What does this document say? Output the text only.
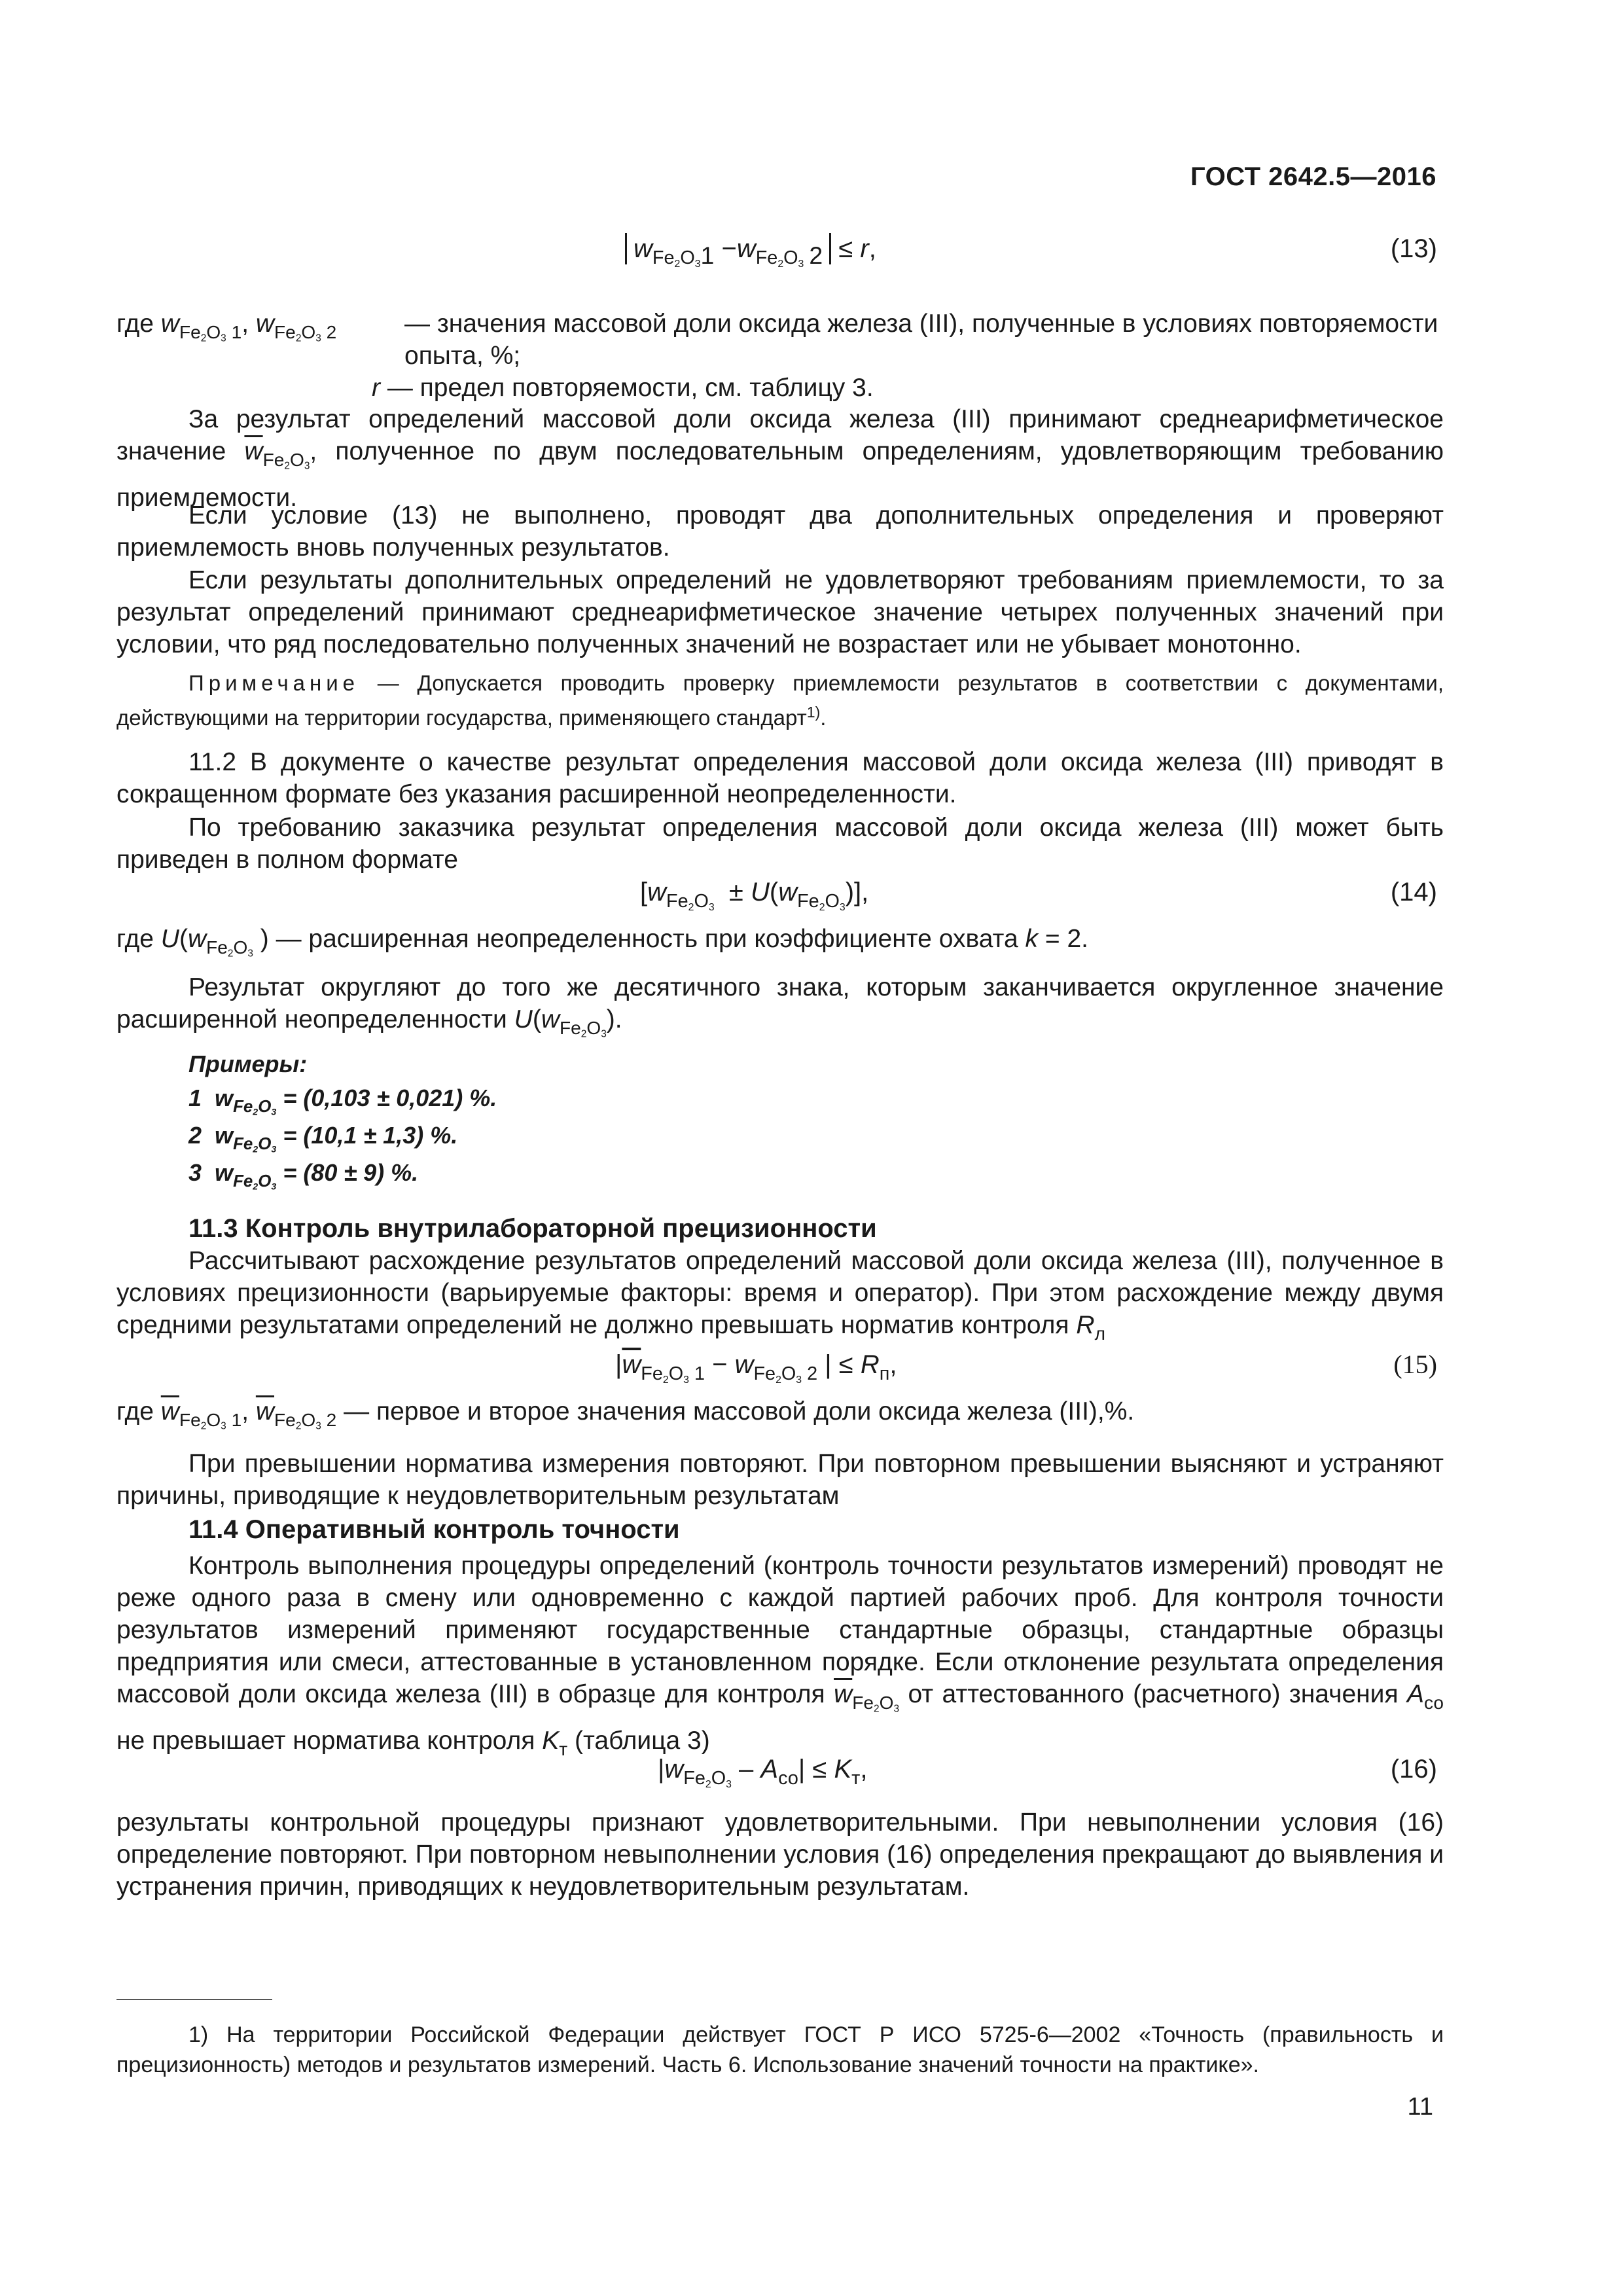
ГОСТ 2642.5—2016
$w_{Fe2O31} -w_{Fe2O3 2} \le r$,	(13)
где $w_{Fe2O3 1}$, $w_{Fe2O3 2}$	— значения массовой доли оксида железа (III), полученные в условиях повторяемости опыта, %;
r — предел повторяемости, см. таблицу 3.
За результат определений массовой доли оксида железа (III) принимают среднеарифметическое значение $\overline{w}_{Fe2O3}$, полученное по двум последовательным определениям, удовлетворяющим требованию приемлемости.
Если условие (13) не выполнено, проводят два дополнительных определения и проверяют приемлемость вновь полученных результатов.
Если результаты дополнительных определений не удовлетворяют требованиям приемлемости, то за результат определений принимают среднеарифметическое значение четырех полученных значений при условии, что ряд последовательно полученных значений не возрастает или не убывает монотонно.
Примечание — Допускается проводить проверку приемлемости результатов в соответствии с документами, действующими на территории государства, применяющего стандарт$^{1)}$.
11.2 В документе о качестве результат определения массовой доли оксида железа (III) приводят в сокращенном формате без указания расширенной неопределенности.
По требованию заказчика результат определения массовой доли оксида железа (III) может быть приведен в полном формате
$[w_{Fe2O3} \pm U(w_{Fe2O3})]$,	(14)
где $U(w_{Fe2O3}$ ) — расширенная неопределенность при коэффициенте охвата k = 2.
Результат округляют до того же десятичного знака, которым заканчивается округленное значение расширенной неопределенности $U(w_{Fe2O3})$.
Примеры:
1 $w_{Fe2O3} = (0,103 \pm 0,021)$ %.
2 $w_{Fe2O3} = (10,1 \pm 1,3)$ %.
3 $w_{Fe2O3} = (80 \pm 9)$ %.
11.3 Контроль внутрилабораторной прецизионности
Рассчитывают расхождение результатов определений массовой доли оксида железа (III), полученное в условиях прецизионности (варьируемые факторы: время и оператор). При этом расхождение между двумя средними результатами определений не должно превышать норматив контроля $R_л$
$|\overline{w}_{Fe2O3 1} - w_{Fe2O3 2}$ | ≤ $R_п$,	(15)
где $\overline{w}_{Fe2O3 1}$, $\overline{w}_{Fe2O3 2}$ — первое и второе значения массовой доли оксида железа (III),%.
При превышении норматива измерения повторяют. При повторном превышении выясняют и устраняют причины, приводящие к неудовлетворительным результатам
11.4 Оперативный контроль точности
Контроль выполнения процедуры определений (контроль точности результатов измерений) проводят не реже одного раза в смену или одновременно с каждой партией рабочих проб. Для контроля точности результатов измерений применяют государственные стандартные образцы, стандартные образцы предприятия или смеси, аттестованные в установленном порядке. Если отклонение результата определения массовой доли оксида железа (III) в образце для контроля $\overline{w}_{Fe2O3}$ от аттестованного (расчетного) значения $A_{со}$ не превышает норматива контроля $K_т$ (таблица 3)
$|w_{Fe2O3} - A_{со}| \le K_т$,	(16)
результаты контрольной процедуры признают удовлетворительными. При невыполнении условия (16) определение повторяют. При повторном невыполнении условия (16) определения прекращают до выявления и устранения причин, приводящих к неудовлетворительным результатам.
1) На территории Российской Федерации действует ГОСТ Р ИСО 5725-6—2002 «Точность (правильность и прецизионность) методов и результатов измерений. Часть 6. Использование значений точности на практике».
11
